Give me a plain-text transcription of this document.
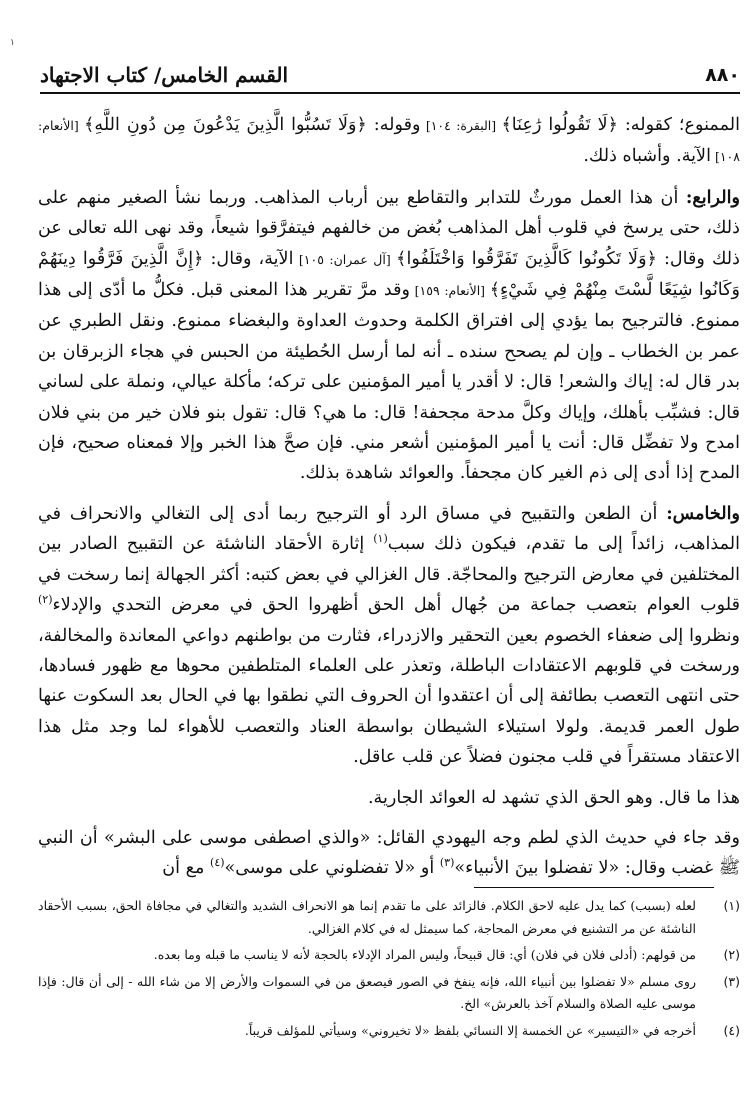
١
القسم الخامس/ كتاب الاجتهاد	٨٨٠

الممنوع؛ كقوله: ﴿لَا تَقُولُوا رَٰعِنَا﴾ [البقرة: ١٠٤] وقوله: ﴿وَلَا تَسُبُّوا الَّذِينَ يَدْعُونَ مِن دُونِ اللَّهِ﴾ [الأنعام: ١٠٨] الآية. وأشباه ذلك.

والرابع: أن هذا العمل مورثٌ للتدابر والتقاطع بين أرباب المذاهب. وربما نشأ الصغير منهم على ذلك، حتى يرسخ في قلوب أهل المذاهب بُغض من خالفهم فيتفرَّقوا شيعاً، وقد نهى الله تعالى عن ذلك وقال: ﴿وَلَا تَكُونُوا كَالَّذِينَ تَفَرَّقُوا وَاخْتَلَفُوا﴾ [آل عمران: ١٠٥] الآية، وقال: ﴿إِنَّ الَّذِينَ فَرَّقُوا دِينَهُمْ وَكَانُوا شِيَعًا لَّسْتَ مِنْهُمْ فِي شَيْءٍ﴾ [الأنعام: ١٥٩] وقد مرَّ تقرير هذا المعنى قبل. فكلُّ ما أدّى إلى هذا ممنوع. فالترجيح بما يؤدي إلى افتراق الكلمة وحدوث العداوة والبغضاء ممنوع. ونقل الطبري عن عمر بن الخطاب ـ وإن لم يصحح سنده ـ أنه لما أرسل الحُطيئة من الحبس في هجاء الزبرقان بن بدر قال له: إياك والشعر! قال: لا أقدر يا أمير المؤمنين على تركه؛ مأكلة عيالي، ونملة على لساني قال: فشبِّب بأهلك، وإياك وكلَّ مدحة مجحفة! قال: ما هي؟ قال: تقول بنو فلان خير من بني فلان امدح ولا تفضِّل قال: أنت يا أمير المؤمنين أشعر مني. فإن صحَّ هذا الخبر وإلا فمعناه صحيح، فإن المدح إذا أدى إلى ذم الغير كان مجحفاً. والعوائد شاهدة بذلك.

والخامس: أن الطعن والتقبيح في مساق الرد أو الترجيح ربما أدى إلى التغالي والانحراف في المذاهب، زائداً إلى ما تقدم، فيكون ذلك سبب$^{(١)}$ إثارة الأحقاد الناشئة عن التقبيح الصادر بين المختلفين في معارض الترجيح والمحاجّة. قال الغزالي في بعض كتبه: أكثر الجهالة إنما رسخت في قلوب العوام بتعصب جماعة من جُهال أهل الحق أظهروا الحق في معرض التحدي والإدلاء$^{(٢)}$ ونظروا إلى ضعفاء الخصوم بعين التحقير والازدراء، فثارت من بواطنهم دواعي المعاندة والمخالفة، ورسخت في قلوبهم الاعتقادات الباطلة، وتعذر على العلماء المتلطفين محوها مع ظهور فسادها، حتى انتهى التعصب بطائفة إلى أن اعتقدوا أن الحروف التي نطقوا بها في الحال بعد السكوت عنها طول العمر قديمة. ولولا استيلاء الشيطان بواسطة العناد والتعصب للأهواء لما وجد مثل هذا الاعتقاد مستقراً في قلب مجنون فضلاً عن قلب عاقل.

هذا ما قال. وهو الحق الذي تشهد له العوائد الجارية.

وقد جاء في حديث الذي لطم وجه اليهودي القائل: «والذي اصطفى موسى على البشر» أن النبي ﷺ غضب وقال: «لا تفضلوا بينَ الأنبياء»$^{(٣)}$ أو «لا تفضلوني على موسى»$^{(٤)}$ مع أن

(١)
لعله (بسبب) كما يدل عليه لاحق الكلام. فالزائد على ما تقدم إنما هو الانحراف الشديد والتغالي في مجافاة الحق، بسبب الأحقاد الناشئة عن مر التشنيع في معرض المحاجة، كما سيمثل له في كلام الغزالي.
(٢)
من قولهم: (أدلى فلان في فلان) أي: قال قبيحاً، وليس المراد الإدلاء بالحجة لأنه لا يناسب ما قبله وما بعده.
(٣)
روى مسلم «لا تفضلوا بين أنبياء الله، فإنه ينفخ في الصور فيصعق من في السموات والأرض إلا من شاء الله - إلى أن قال: فإذا موسى عليه الصلاة والسلام آخذ بالعرش» الخ.
(٤)
أخرجه في «التيسير» عن الخمسة إلا النسائي بلفظ «لا تخيروني» وسيأتي للمؤلف قريباً.
